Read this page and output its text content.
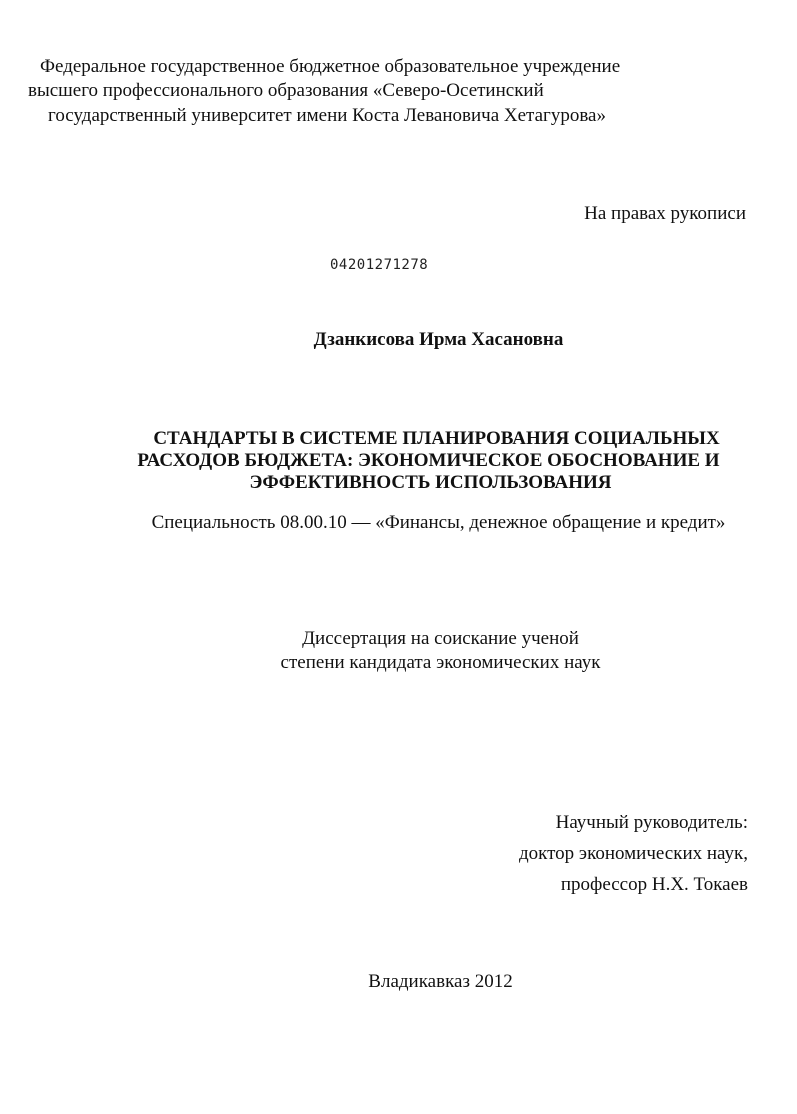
Федеральное государственное бюджетное образовательное учреждение
высшего профессионального образования «Северо-Осетинский
государственный университет имени Коста Левановича Хетагурова»
На правах рукописи
04201271278
Дзанкисова Ирма Хасановна
СТАНДАРТЫ В СИСТЕМЕ ПЛАНИРОВАНИЯ СОЦИАЛЬНЫХ
РАСХОДОВ БЮДЖЕТА: ЭКОНОМИЧЕСКОЕ ОБОСНОВАНИЕ И
ЭФФЕКТИВНОСТЬ ИСПОЛЬЗОВАНИЯ
Специальность 08.00.10 — «Финансы, денежное обращение и кредит»
Диссертация на соискание ученой
степени кандидата экономических наук
Научный руководитель:
доктор экономических наук,
профессор Н.Х. Токаев
Владикавказ 2012
